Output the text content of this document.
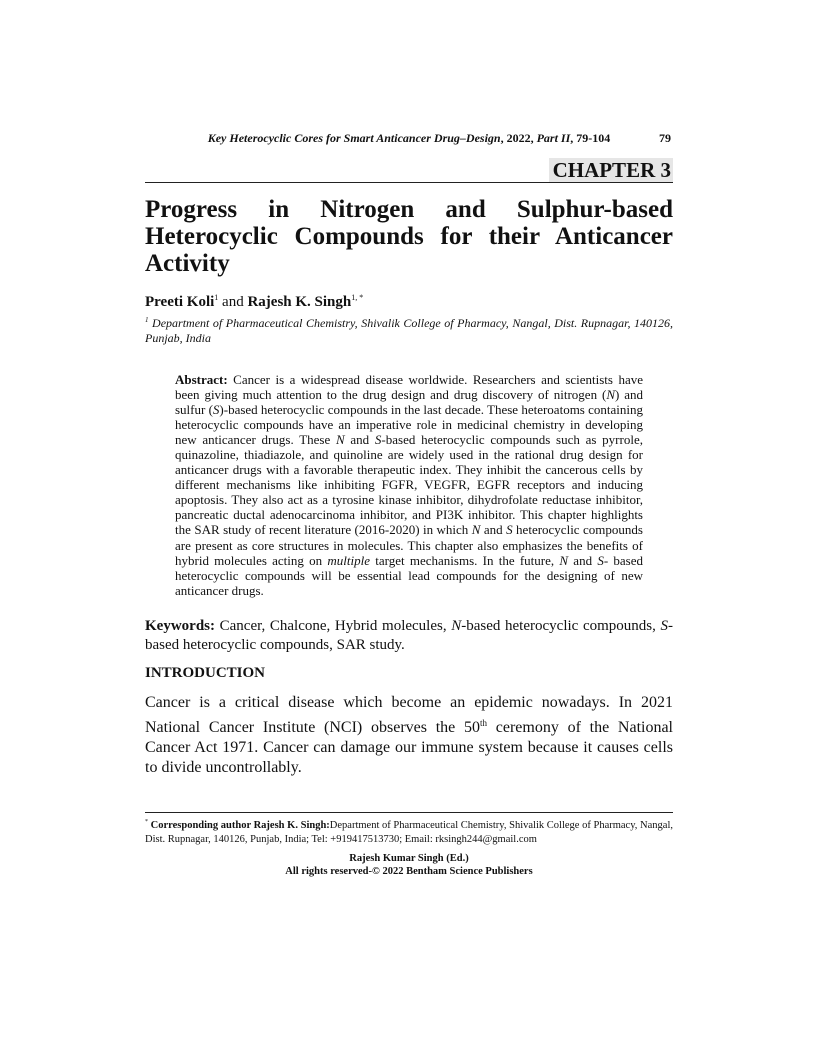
Key Heterocyclic Cores for Smart Anticancer Drug–Design, 2022, Part II, 79-104	79
CHAPTER 3
Progress in Nitrogen and Sulphur-based
Heterocyclic Compounds for their Anticancer
Activity
Preeti Koli$^1$ and Rajesh K. Singh$^{1, *}$
$^1$ Department of Pharmaceutical Chemistry, Shivalik College of Pharmacy, Nangal, Dist. Rupnagar, 140126, Punjab, India
Abstract: Cancer is a widespread disease worldwide. Researchers and scientists have been giving much attention to the drug design and drug discovery of nitrogen (N) and sulfur (S)-based heterocyclic compounds in the last decade. These heteroatoms containing heterocyclic compounds have an imperative role in medicinal chemistry in developing new anticancer drugs. These N and S-based heterocyclic compounds such as pyrrole, quinazoline, thiadiazole, and quinoline are widely used in the rational drug design for anticancer drugs with a favorable therapeutic index. They inhibit the cancerous cells by different mechanisms like inhibiting FGFR, VEGFR, EGFR receptors and inducing apoptosis. They also act as a tyrosine kinase inhibitor, dihydrofolate reductase inhibitor, pancreatic ductal adenocarcinoma inhibitor, and PI3K inhibitor. This chapter highlights the SAR study of recent literature (2016-2020) in which N and S heterocyclic compounds are present as core structures in molecules. This chapter also emphasizes the benefits of hybrid molecules acting on multiple target mechanisms. In the future, N and S- based heterocyclic compounds will be essential lead compounds for the designing of new anticancer drugs.
Keywords: Cancer, Chalcone, Hybrid molecules, N-based heterocyclic compounds, S-based heterocyclic compounds, SAR study.
INTRODUCTION
Cancer is a critical disease which become an epidemic nowadays. In 2021 National Cancer Institute (NCI) observes the 50th ceremony of the National Cancer Act 1971. Cancer can damage our immune system because it causes cells to divide uncontrollably.
* Corresponding author Rajesh K. Singh:Department of Pharmaceutical Chemistry, Shivalik College of Pharmacy, Nangal, Dist. Rupnagar, 140126, Punjab, India; Tel: +919417513730; Email: rksingh244@gmail.com
Rajesh Kumar Singh (Ed.)
All rights reserved-© 2022 Bentham Science Publishers
